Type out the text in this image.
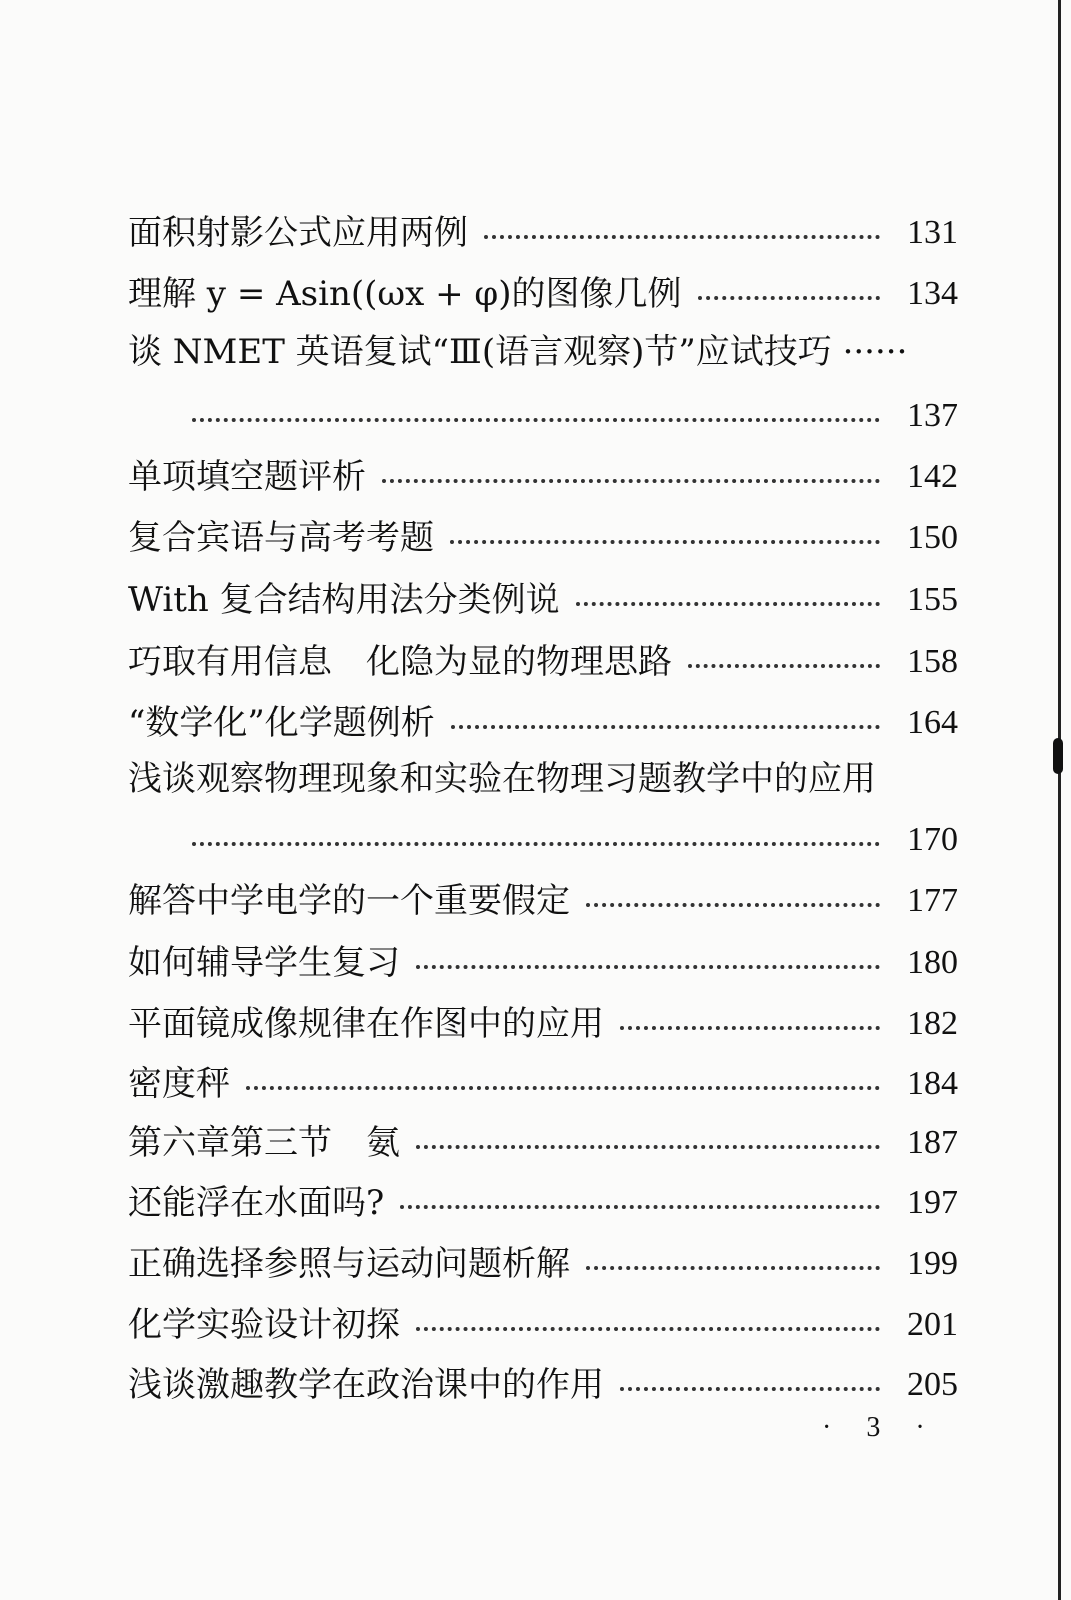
面积射影公式应用两例	131
理解 y = Asin((ωx + φ)的图像几例	134
谈 NMET 英语复试“Ⅲ(语言观察)节”应试技巧 ······
137
单项填空题评析	142
复合宾语与高考考题	150
With 复合结构用法分类例说	155
巧取有用信息　化隐为显的物理思路	158
“数学化”化学题例析	164
浅谈观察物理现象和实验在物理习题教学中的应用
170
解答中学电学的一个重要假定	177
如何辅导学生复习	180
平面镜成像规律在作图中的应用	182
密度秤	184
第六章第三节　氨	187
还能浮在水面吗?	197
正确选择参照与运动问题析解	199
化学实验设计初探	201
浅谈激趣教学在政治课中的作用	205
· 3 ·
